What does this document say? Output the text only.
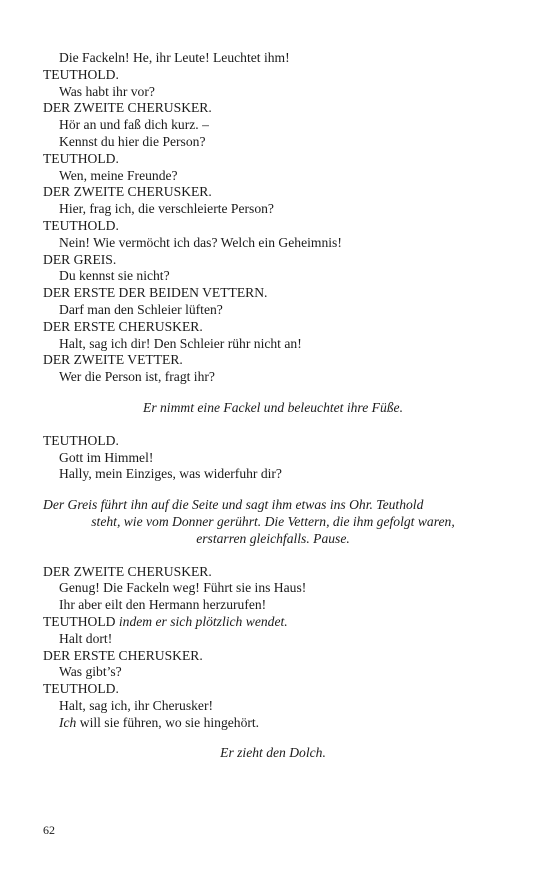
Die Fackeln! He, ihr Leute! Leuchtet ihm!
TEUTHOLD.
Was habt ihr vor?
DER ZWEITE CHERUSKER.
Hör an und faß dich kurz. –
Kennst du hier die Person?
TEUTHOLD.
Wen, meine Freunde?
DER ZWEITE CHERUSKER.
Hier, frag ich, die verschleierte Person?
TEUTHOLD.
Nein! Wie vermöcht ich das? Welch ein Geheimnis!
DER GREIS.
Du kennst sie nicht?
DER ERSTE DER BEIDEN VETTERN.
Darf man den Schleier lüften?
DER ERSTE CHERUSKER.
Halt, sag ich dir! Den Schleier rühr nicht an!
DER ZWEITE VETTER.
Wer die Person ist, fragt ihr?
Er nimmt eine Fackel und beleuchtet ihre Füße.
TEUTHOLD.
Gott im Himmel!
Hally, mein Einziges, was widerfuhr dir?
Der Greis führt ihn auf die Seite und sagt ihm etwas ins Ohr. Teuthold
steht, wie vom Donner gerührt. Die Vettern, die ihm gefolgt waren,
erstarren gleichfalls. Pause.
DER ZWEITE CHERUSKER.
Genug! Die Fackeln weg! Führt sie ins Haus!
Ihr aber eilt den Hermann herzurufen!
TEUTHOLD indem er sich plötzlich wendet.
Halt dort!
DER ERSTE CHERUSKER.
Was gibt’s?
TEUTHOLD.
Halt, sag ich, ihr Cherusker!
Ich will sie führen, wo sie hingehört.
Er zieht den Dolch.
62
